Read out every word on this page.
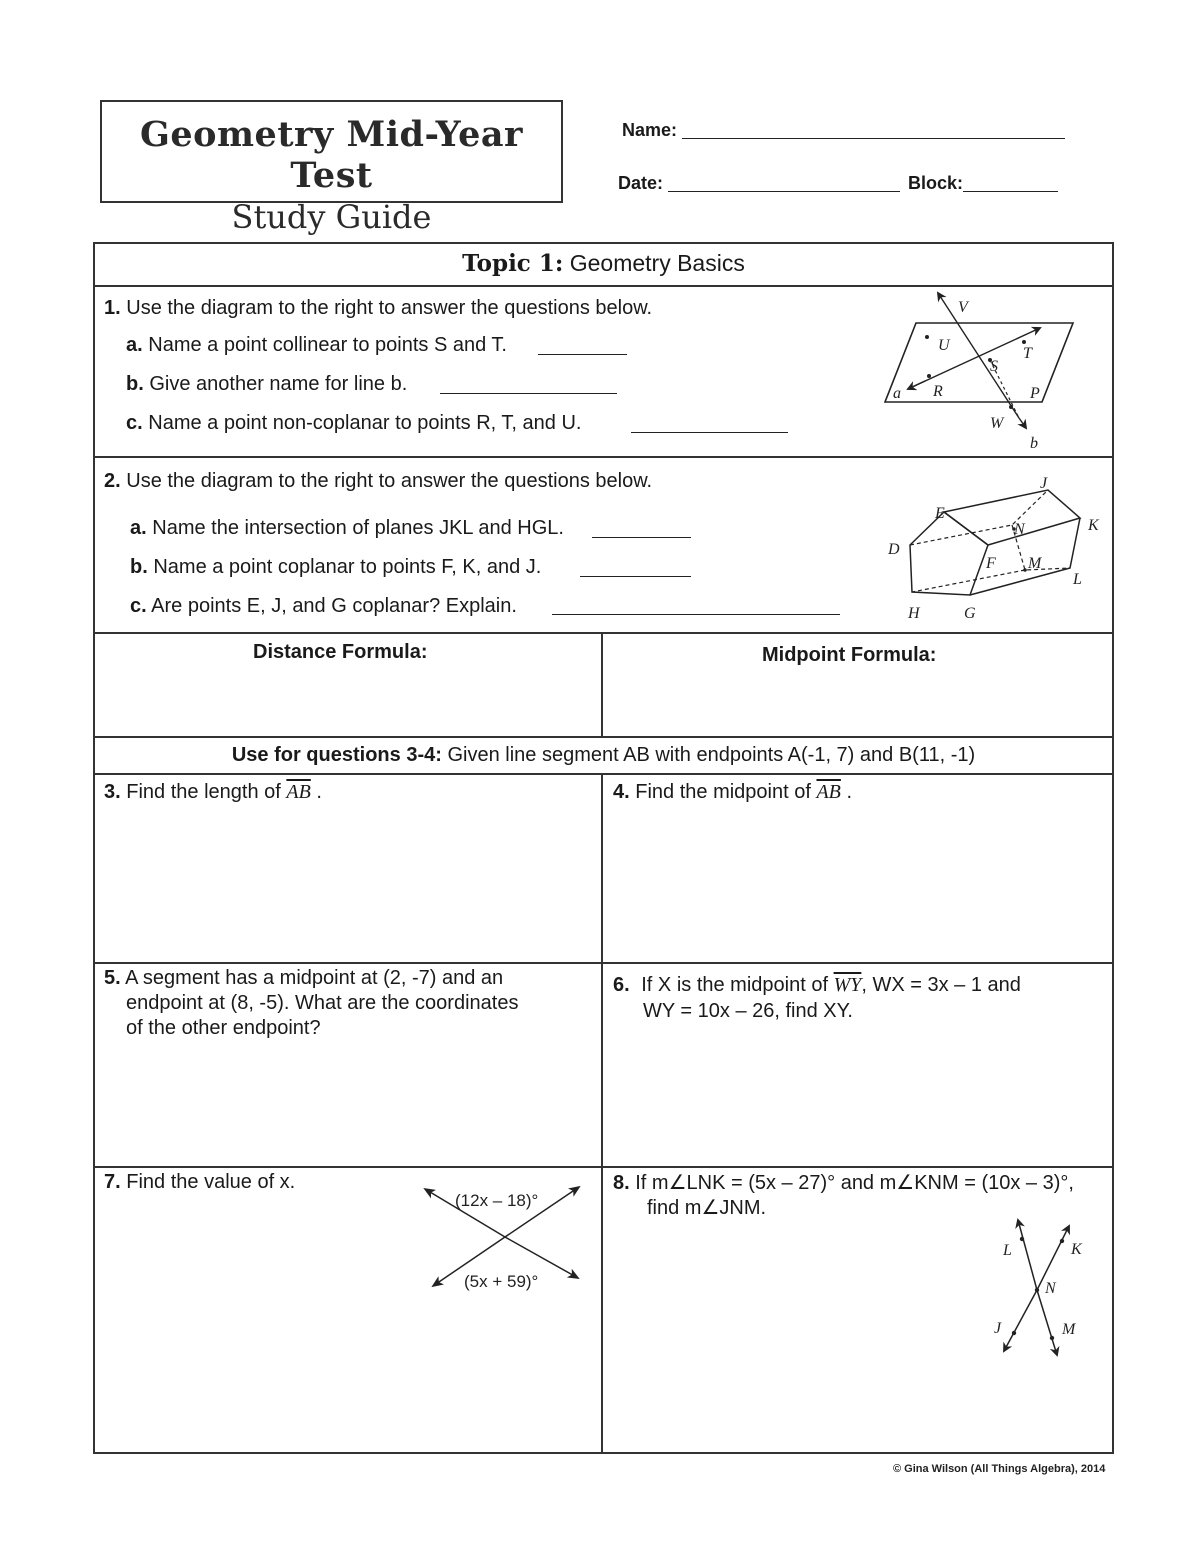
Geometry Mid-Year Test
Study Guide
Name:
Date:	Block:
Topic 1: Geometry Basics
1. Use the diagram to the right to answer the questions below.
a. Name a point collinear to points S and T.
b. Give another name for line b.
c. Name a point non-coplanar to points R, T, and U.
V
U
S
T
a R	P
W
b
2. Use the diagram to the right to answer the questions below.
a. Name the intersection of planes JKL and HGL.
b. Name a point coplanar to points F, K, and J.
c. Are points E, J, and G coplanar? Explain.
J
E
N	K
D
F M
L
H	G
Distance Formula:	Midpoint Formula:
Use for questions 3-4: Given line segment AB with endpoints A(-1, 7) and B(11, -1)
3. Find the length of $\overline{AB}$ .	4. Find the midpoint of $\overline{AB}$ .
5. A segment has a midpoint at (2, -7) and an
endpoint at (8, -5). What are the coordinates
of the other endpoint?
6. If X is the midpoint of $\overline{WY}$, WX = 3x – 1 and
WY = 10x – 26, find XY.
7. Find the value of x.
(12x – 18)°
(5x + 59)°
8. If m∠LNK = (5x – 27)° and m∠KNM = (10x – 3)°,
find m∠JNM.
L	K
N
J	M
© Gina Wilson (All Things Algebra), 2014
